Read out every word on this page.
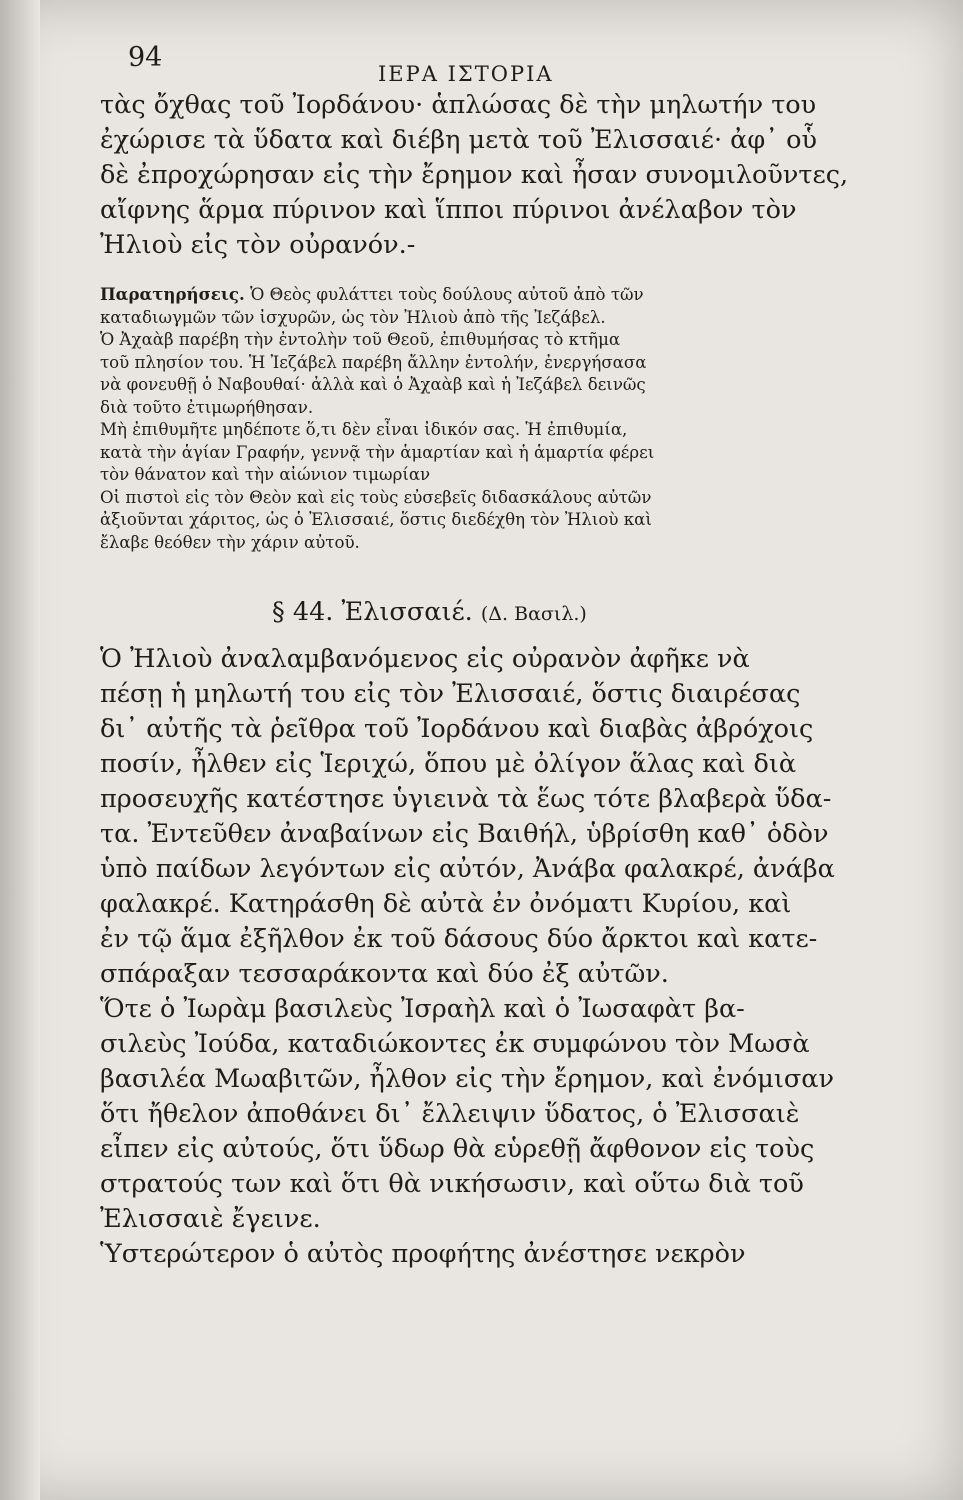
94
ΙΕΡΑ ΙΣΤΟΡΙΑ
τὰς ὄχθας τοῦ Ἰορδάνου· ἁπλώσας δὲ τὴν μηλωτήν του
ἐχώρισε τὰ ὕδατα καὶ διέβη μετὰ τοῦ Ἐλισσαιέ· ἀφ᾽ οὗ
δὲ ἐπροχώρησαν εἰς τὴν ἔρημον καὶ ἦσαν συνομιλοῦντες,
αἴφνης ἅρμα πύρινον καὶ ἵπποι πύρινοι ἀνέλαβον τὸν
Ἠλιοὺ εἰς τὸν οὐρανόν.-
Παρατηρήσεις. Ὁ Θεὸς φυλάττει τοὺς δούλους αὐτοῦ ἀπὸ τῶν
καταδιωγμῶν τῶν ἰσχυρῶν, ὡς τὸν Ἠλιοὺ ἀπὸ τῆς Ἰεζάβελ.
Ὁ Ἀχαὰβ παρέβη τὴν ἐντολὴν τοῦ Θεοῦ, ἐπιθυμήσας τὸ κτῆμα
τοῦ πλησίον του. Ἡ Ἰεζάβελ παρέβη ἄλλην ἐντολήν, ἐνεργήσασα
νὰ φονευθῇ ὁ Ναβουθαί· ἀλλὰ καὶ ὁ Ἀχαὰβ καὶ ἡ Ἰεζάβελ δεινῶς
διὰ τοῦτο ἐτιμωρήθησαν.
Μὴ ἐπιθυμῆτε μηδέποτε ὅ,τι δὲν εἶναι ἰδικόν σας. Ἡ ἐπιθυμία,
κατὰ τὴν ἁγίαν Γραφήν, γεννᾷ τὴν ἁμαρτίαν καὶ ἡ ἁμαρτία φέρει
τὸν θάνατον καὶ τὴν αἰώνιον τιμωρίαν
Οἱ πιστοὶ εἰς τὸν Θεὸν καὶ εἰς τοὺς εὐσεβεῖς διδασκάλους αὐτῶν
ἀξιοῦνται χάριτος, ὡς ὁ Ἐλισσαιέ, ὅστις διεδέχθη τὸν Ἠλιοὺ καὶ
ἔλαβε θεόθεν τὴν χάριν αὐτοῦ.
§ 44. Ἐλισσαιέ. (Δ. Βασιλ.)
Ὁ Ἠλιοὺ ἀναλαμβανόμενος εἰς οὐρανὸν ἀφῆκε νὰ
πέσῃ ἡ μηλωτή του εἰς τὸν Ἐλισσαιέ, ὅστις διαιρέσας
δι᾽ αὐτῆς τὰ ῥεῖθρα τοῦ Ἰορδάνου καὶ διαβὰς ἀβρόχοις
ποσίν, ἦλθεν εἰς Ἱεριχώ, ὅπου μὲ ὀλίγον ἅλας καὶ διὰ
προσευχῆς κατέστησε ὑγιεινὰ τὰ ἕως τότε βλαβερὰ ὕδα-
τα. Ἐντεῦθεν ἀναβαίνων εἰς Βαιθήλ, ὑβρίσθη καθ᾽ ὁδὸν
ὑπὸ παίδων λεγόντων εἰς αὐτόν, Ἀνάβα φαλακρέ, ἀνάβα
φαλακρέ. Κατηράσθη δὲ αὐτὰ ἐν ὀνόματι Κυρίου, καὶ
ἐν τῷ ἅμα ἐξῆλθον ἐκ τοῦ δάσους δύο ἄρκτοι καὶ κατε-
σπάραξαν τεσσαράκοντα καὶ δύο ἐξ αὐτῶν.
Ὅτε ὁ Ἰωρὰμ βασιλεὺς Ἰσραὴλ καὶ ὁ Ἰωσαφὰτ βα-
σιλεὺς Ἰούδα, καταδιώκοντες ἐκ συμφώνου τὸν Μωσὰ
βασιλέα Μωαβιτῶν, ἦλθον εἰς τὴν ἔρημον, καὶ ἐνόμισαν
ὅτι ἤθελον ἀποθάνει δι᾽ ἔλλειψιν ὕδατος, ὁ Ἐλισσαιὲ
εἶπεν εἰς αὐτούς, ὅτι ὕδωρ θὰ εὑρεθῇ ἄφθονον εἰς τοὺς
στρατούς των καὶ ὅτι θὰ νικήσωσιν, καὶ οὕτω διὰ τοῦ
Ἐλισσαιὲ ἔγεινε.
Ὑστερώτερον ὁ αὐτὸς προφήτης ἀνέστησε νεκρὸν
